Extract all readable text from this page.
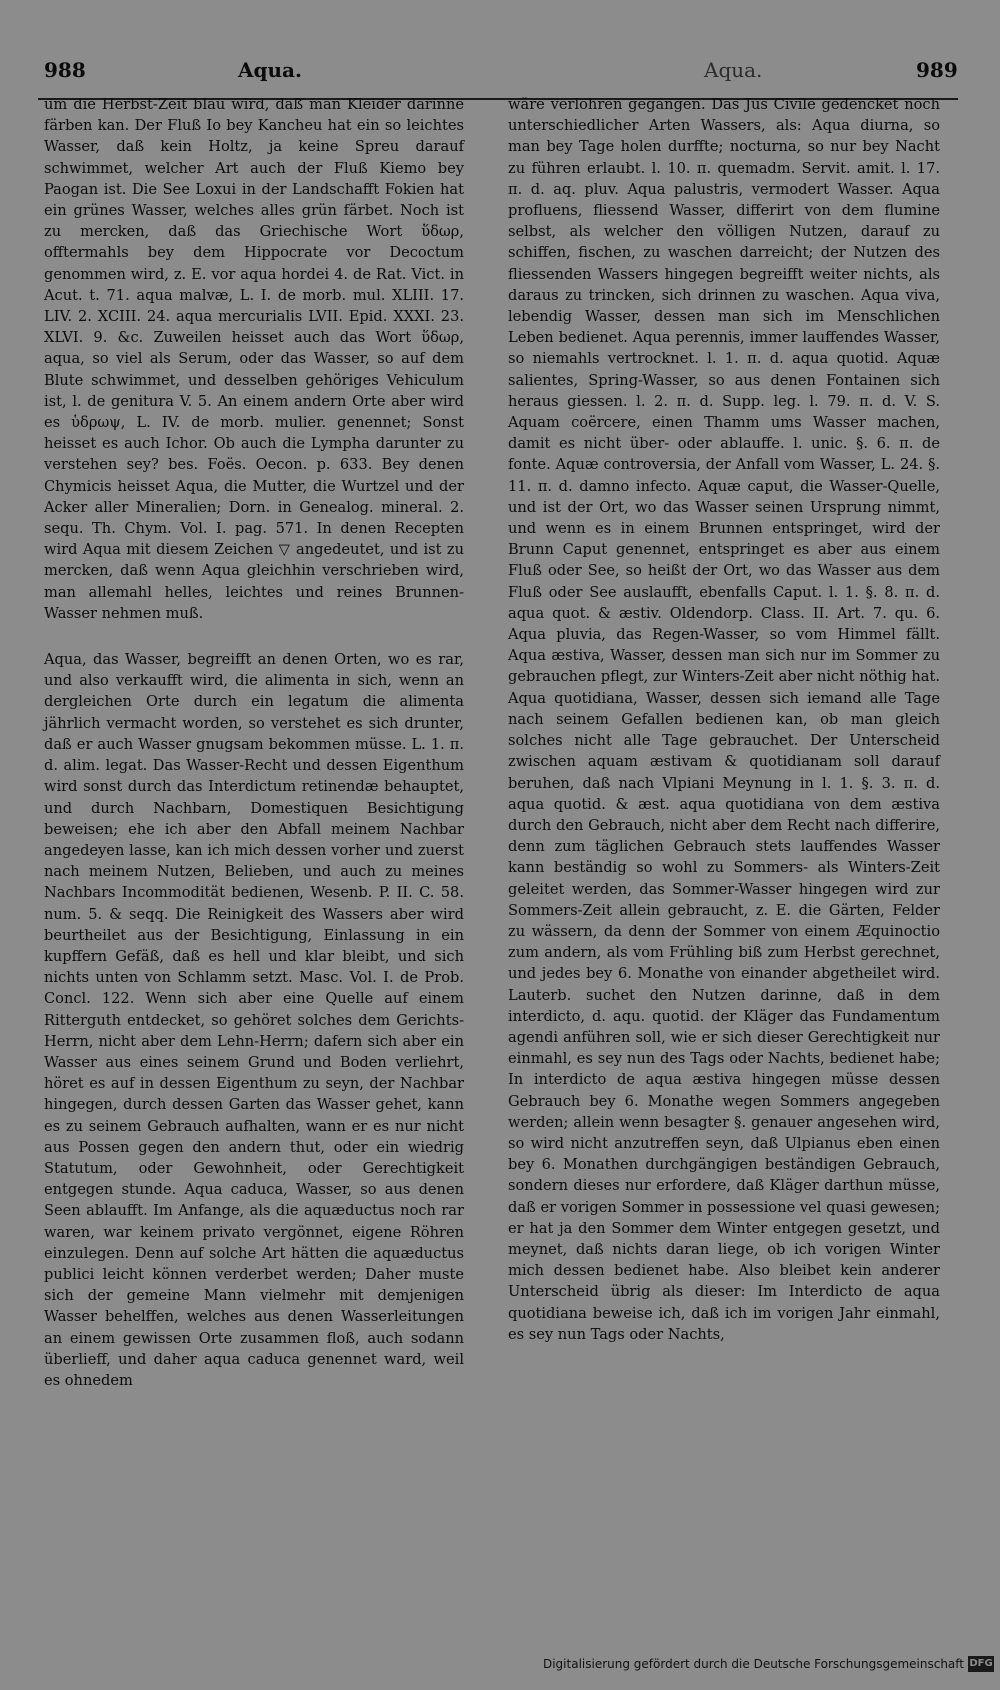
988	Aqua.	Aqua.	989

um die Herbst-Zeit blau wird, daß man Kleider darinne färben kan. Der Fluß Io bey Kancheu hat ein so leichtes Wasser, daß kein Holtz, ja keine Spreu darauf schwimmet, welcher Art auch der Fluß Kiemo bey Paogan ist. Die See Loxui in der Landschafft Fokien hat ein grünes Wasser, welches alles grün färbet. Noch ist zu mercken, daß das Griechische Wort ὕδωρ, offtermahls bey dem Hippocrate vor Decoctum genommen wird, z. E. vor aqua hordei 4. de Rat. Vict. in Acut. t. 71. aqua malvæ, L. I. de morb. mul. XLIII. 17. LIV. 2. XCIII. 24. aqua mercurialis LVII. Epid. XXXI. 23. XLVI. 9. &c. Zuweilen heisset auch das Wort ὕδωρ, aqua, so viel als Serum, oder das Wasser, so auf dem Blute schwimmet, und desselben gehöriges Vehiculum ist, l. de genitura V. 5. An einem andern Orte aber wird es ὑδρωψ, L. IV. de morb. mulier. genennet; Sonst heisset es auch Ichor. Ob auch die Lympha darunter zu verstehen sey? bes. Foës. Oecon. p. 633. Bey denen Chymicis heisset Aqua, die Mutter, die Wurtzel und der Acker aller Mineralien; Dorn. in Genealog. mineral. 2. sequ. Th. Chym. Vol. I. pag. 571. In denen Recepten wird Aqua mit diesem Zeichen ▽ angedeutet, und ist zu mercken, daß wenn Aqua gleichhin verschrieben wird, man allemahl helles, leichtes und reines Brunnen-Wasser nehmen muß.

Aqua, das Wasser, begreifft an denen Orten, wo es rar, und also verkaufft wird, die alimenta in sich, wenn an dergleichen Orte durch ein legatum die alimenta jährlich vermacht worden, so verstehet es sich drunter, daß er auch Wasser gnugsam bekommen müsse. L. 1. π. d. alim. legat. Das Wasser-Recht und dessen Eigenthum wird sonst durch das Interdictum retinendæ behauptet, und durch Nachbarn, Domestiquen Besichtigung beweisen; ehe ich aber den Abfall meinem Nachbar angedeyen lasse, kan ich mich dessen vorher und zuerst nach meinem Nutzen, Belieben, und auch zu meines Nachbars Incommodität bedienen, Wesenb. P. II. C. 58. num. 5. & seqq. Die Reinigkeit des Wassers aber wird beurtheilet aus der Besichtigung, Einlassung in ein kupffern Gefäß, daß es hell und klar bleibt, und sich nichts unten von Schlamm setzt. Masc. Vol. I. de Prob. Concl. 122. Wenn sich aber eine Quelle auf einem Ritterguth entdecket, so gehöret solches dem Gerichts-Herrn, nicht aber dem Lehn-Herrn; dafern sich aber ein Wasser aus eines seinem Grund und Boden verliehrt, höret es auf in dessen Eigenthum zu seyn, der Nachbar hingegen, durch dessen Garten das Wasser gehet, kann es zu seinem Gebrauch aufhalten, wann er es nur nicht aus Possen gegen den andern thut, oder ein wiedrig Statutum, oder Gewohnheit, oder Gerechtigkeit entgegen stunde. Aqua caduca, Wasser, so aus denen Seen ablaufft. Im Anfange, als die aquæductus noch rar waren, war keinem privato vergönnet, eigene Röhren einzulegen. Denn auf solche Art hätten die aquæductus publici leicht können verderbet werden; Daher muste sich der gemeine Mann vielmehr mit demjenigen Wasser behelffen, welches aus denen Wasserleitungen an einem gewissen Orte zusammen floß, auch sodann überlieff, und daher aqua caduca genennet ward, weil es ohnedem

wäre verlohren gegangen. Das Jus Civile gedencket noch unterschiedlicher Arten Wassers, als: Aqua diurna, so man bey Tage holen durffte; nocturna, so nur bey Nacht zu führen erlaubt. l. 10. π. quemadm. Servit. amit. l. 17. π. d. aq. pluv. Aqua palustris, vermodert Wasser. Aqua profluens, fliessend Wasser, differirt von dem flumine selbst, als welcher den völligen Nutzen, darauf zu schiffen, fischen, zu waschen darreicht; der Nutzen des fliessenden Wassers hingegen begreifft weiter nichts, als daraus zu trincken, sich drinnen zu waschen. Aqua viva, lebendig Wasser, dessen man sich im Menschlichen Leben bedienet. Aqua perennis, immer lauffendes Wasser, so niemahls vertrocknet. l. 1. π. d. aqua quotid. Aquæ salientes, Spring-Wasser, so aus denen Fontainen sich heraus giessen. l. 2. π. d. Supp. leg. l. 79. π. d. V. S. Aquam coërcere, einen Thamm ums Wasser machen, damit es nicht über- oder ablauffe. l. unic. §. 6. π. de fonte. Aquæ controversia, der Anfall vom Wasser, L. 24. §. 11. π. d. damno infecto. Aquæ caput, die Wasser-Quelle, und ist der Ort, wo das Wasser seinen Ursprung nimmt, und wenn es in einem Brunnen entspringet, wird der Brunn Caput genennet, entspringet es aber aus einem Fluß oder See, so heißt der Ort, wo das Wasser aus dem Fluß oder See auslaufft, ebenfalls Caput. l. 1. §. 8. π. d. aqua quot. & æstiv. Oldendorp. Class. II. Art. 7. qu. 6. Aqua pluvia, das Regen-Wasser, so vom Himmel fällt. Aqua æstiva, Wasser, dessen man sich nur im Sommer zu gebrauchen pflegt, zur Winters-Zeit aber nicht nöthig hat. Aqua quotidiana, Wasser, dessen sich iemand alle Tage nach seinem Gefallen bedienen kan, ob man gleich solches nicht alle Tage gebrauchet. Der Unterscheid zwischen aquam æstivam & quotidianam soll darauf beruhen, daß nach Vlpiani Meynung in l. 1. §. 3. π. d. aqua quotid. & æst. aqua quotidiana von dem æstiva durch den Gebrauch, nicht aber dem Recht nach differire, denn zum täglichen Gebrauch stets lauffendes Wasser kann beständig so wohl zu Sommers- als Winters-Zeit geleitet werden, das Sommer-Wasser hingegen wird zur Sommers-Zeit allein gebraucht, z. E. die Gärten, Felder zu wässern, da denn der Sommer von einem Æquinoctio zum andern, als vom Frühling biß zum Herbst gerechnet, und jedes bey 6. Monathe von einander abgetheilet wird. Lauterb. suchet den Nutzen darinne, daß in dem interdicto, d. aqu. quotid. der Kläger das Fundamentum agendi anführen soll, wie er sich dieser Gerechtigkeit nur einmahl, es sey nun des Tags oder Nachts, bedienet habe; In interdicto de aqua æstiva hingegen müsse dessen Gebrauch bey 6. Monathe wegen Sommers angegeben werden; allein wenn besagter §. genauer angesehen wird, so wird nicht anzutreffen seyn, daß Ulpianus eben einen bey 6. Monathen durchgängigen beständigen Gebrauch, sondern dieses nur erfordere, daß Kläger darthun müsse, daß er vorigen Sommer in possessione vel quasi gewesen; er hat ja den Sommer dem Winter entgegen gesetzt, und meynet, daß nichts daran liege, ob ich vorigen Winter mich dessen bedienet habe. Also bleibet kein anderer Unterscheid übrig als dieser: Im Interdicto de aqua quotidiana beweise ich, daß ich im vorigen Jahr einmahl, es sey nun Tags oder Nachts,

Digitalisierung gefördert durch die Deutsche Forschungsgemeinschaft DFG
